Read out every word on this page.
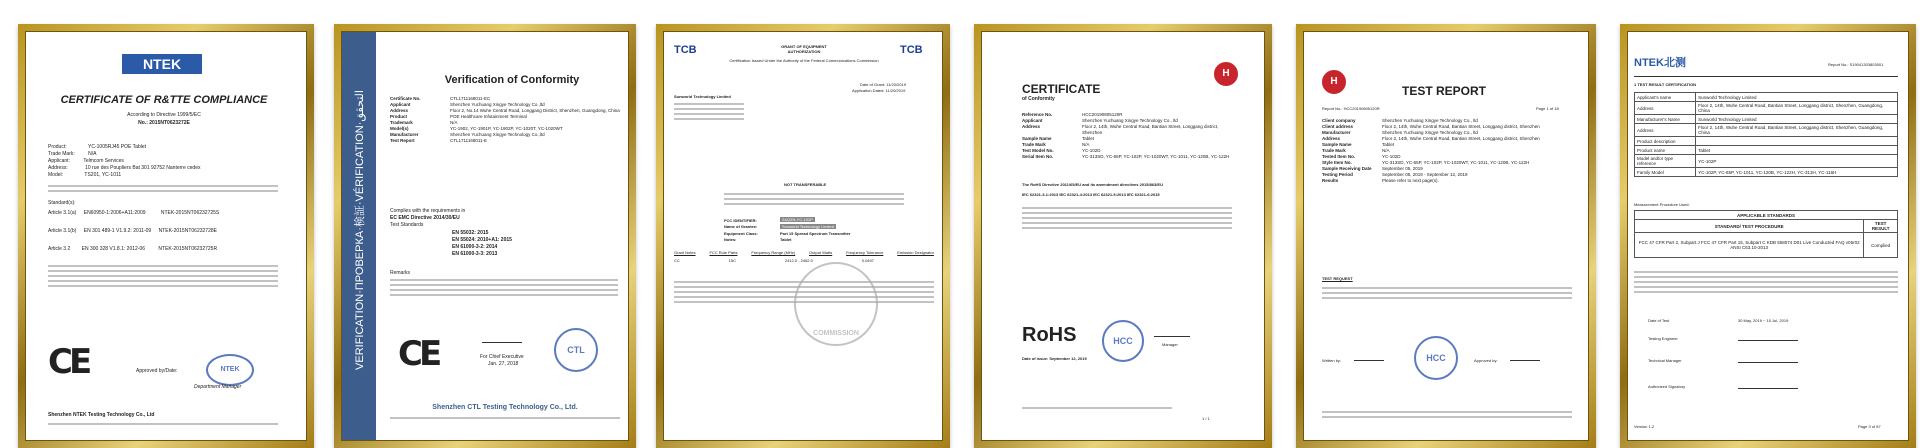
NTEK
CERTIFICATE OF R&TTE COMPLIANCE
According to Directive 1999/5/EC
No.: 2015NT0623272E
Product:	YC-1005RJ45 POE Tablet
Trade Mark:	N/A
Applicant:	Telmcom Services
Address:	10 rue des Poupliers Bat 301 92752 Nanterre cedex
Model:	TS201, YC-1011
Standard(s):
Article 3.1(a) EN60950-1:2006+A11:2009	NTEK-2015NT06232725S
Article 3.1(b) EN 301 489-1 V1.9.2: 2011-09 NTEK-2015NT06232728E
Article 3.2 EN 300 328 V1.8.1: 2012-06	NTEK-2015NT06232725R
CE	Approved by/Date:	NTEK
Department Manager
Shenzhen NTEK Testing Technology Co., Ltd
VERIFICATION·ПРОВЕРКА·検証·VÉRIFICATION·التحقق
Verification of Conformity
Certificate No.	CTL1711168011-EC
Applicant	Shenzhen Yuchuang Xingye Technology Co.,ltd
Address	Floor 2, No.14 Wuhe Central Road, Longgang District, Shenzhen, Guangdong, China
Product	POE Healthcare Infotainment Terminal
Trademark	N/A
Model(s)	YC-1902, YC-1901P, YC-1902P, YC-1020T, YC-1020WT
Manufacturer	Shenzhen Yuchuang Xingye Technology Co.,ltd
Test Report	CTL1711168011-E
Complies with the requirements in
EC EMC Directive 2014/30/EU
Test Standards
EN 55032: 2015
EN 55024: 2010+A1: 2015
EN 61000-3-2: 2014
EN 61000-3-3: 2013
Remarks
CE	For Chief Executive
Jan. 27, 2018
CTL
Shenzhen CTL Testing Technology Co., Ltd.
TCB	TCB
GRANT OF EQUIPMENT
AUTHORIZATION
Certification Issued Under the Authority of the Federal Communications Commission
Sunworld Technology Limited
Date of Grant: 11/20/2019
Application Dated: 11/20/2019
NOT TRANSFERABLE
FCC IDENTIFIER:	2AQZN-YC-102P
Name of Grantee:	Sunworld Technology Limited
Equipment Class:	Part 15 Spread Spectrum Transmitter
Notes:	Tablet
Grant Notes	FCC Rule Parts	Frequency Range (MHz)	Output Watts	Frequency Tolerance	Emission Designator
CC	15C	2412.0 - 2462.0	0.0497
COMMISSION
CERTIFICATE
of Conformity
H
Reference No.	HCC20190805120R
Applicant	Shenzhen Yuchuang Xingye Technology Co., ltd
Address	Floor 2, 14th, Wuhe Central Road, Bantian Street, Longgang district, Shenzhen
Sample Name	Tablet
Trade Mark	N/A
Test Model No.	YC-102D
Serial Item No.	YC-313SD, YC-65P, YC-102P, YC-1020WT, YC-1011, YC-120B, YC-122H
The RoHS Directive 2011/65/EU and its amendment directives 2015/863/EU
IEC 62321-3-1:2013 IEC 62321-4:2013 IEC 62321-5:2013 IEC 62321-6:2015
RoHS	HCC	Manager
Date of issue: September 12, 2019
1 / 1
H
TEST REPORT
Report No.: HCC20190805120R	Page 1 of 18
Client company	Shenzhen Yuchuang Xingye Technology Co., ltd
Client address	Floor 2, 14th, Wuhe Central Road, Bantian Street, Longgang district, Shenzhen
Manufacturer	Shenzhen Yuchuang Xingye Technology Co., ltd
Address	Floor 2, 14th, Wuhe Central Road, Bantian Street, Longgang district, Shenzhen
Sample Name	Tablet
Trade Mark	N/A
Tested Item No.	YC-102D
Style Item No.	YC-313SD, YC-65P, YC-102P, YC-1020WT, YC-1011, YC-120B, YC-122H
Sample Receiving Date	September 05, 2019
Testing Period	September 05, 2019 - September 12, 2019
Results	Please refer to next page(s).
TEST REQUEST
Written by:	HCC	Approved by:
NTEK北测	Report No.: S19041303803001
1 TEST RESULT CERTIFICATION
Applicant's name	Sunworld Technology Limited
Address	Floor 2, 14th, Wuhe Central Road, Bantian Street, Longgang district, Shenzhen, Guangdong, China
Manufacturer's Name	Sunworld Technology Limited
Address	Floor 2, 14th, Wuhe Central Road, Bantian Street, Longgang district, Shenzhen, Guangdong, China
Product description	
Product name	Tablet
Model and/or type reference	YC-102P
Family Model	YC-102P, YC-65P, YC-1011, YC-120B, YC-122H, YC-313H, YC-116H
Measurement Procedure Used:
APPLICABLE STANDARDS	
STANDARD/ TEST PROCEDURE	TEST RESULT
FCC 47 CFR Part 2, Subpart J FCC 47 CFR Part 15, Subpart C KDB 558074 D01 Live Conducted FAQ v05r02 ANSI C63.10-2013	Complied
Date of Test	30 May, 2019 ~ 10 Jul, 2019
Testing Engineer
Technical Manager
Authorized Signatory
Version 1.2	Page 3 of 87
